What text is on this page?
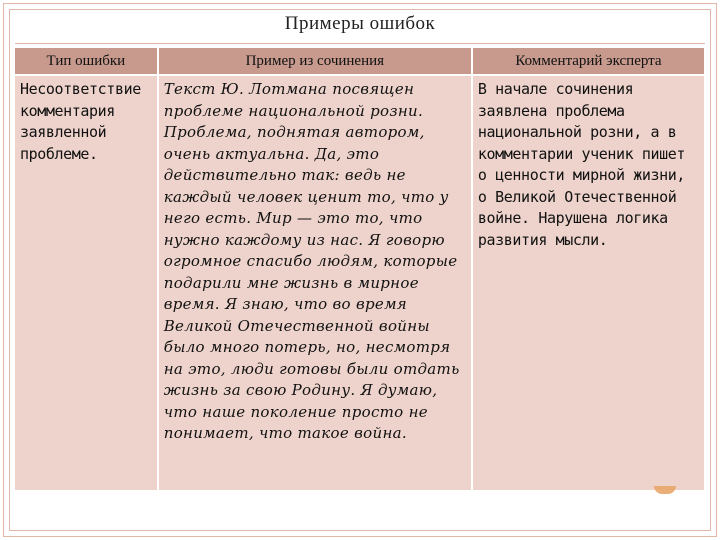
Примеры ошибок
Тип ошибки	Пример из сочинения	Комментарий эксперта
Несоответствие комментария заявленной проблеме.	Текст Ю. Лотмана посвящен проблеме национальной розни. Проблема, поднятая автором, очень актуальна. Да, это действительно так: ведь не каждый человек ценит то, что у него есть. Мир — это то, что нужно каждому из нас. Я говорю огромное спасибо людям, которые подарили мне жизнь в мирное время. Я знаю, что во время Великой Отечественной войны было много потерь, но, несмотря на это, люди готовы были отдать жизнь за свою Родину. Я думаю, что наше поколение просто не понимает, что такое война.	В начале сочинения заявлена проблема национальной розни, а в комментарии ученик пишет о ценности мирной жизни, о Великой Отечественной войне. Нарушена логика развития мысли.
